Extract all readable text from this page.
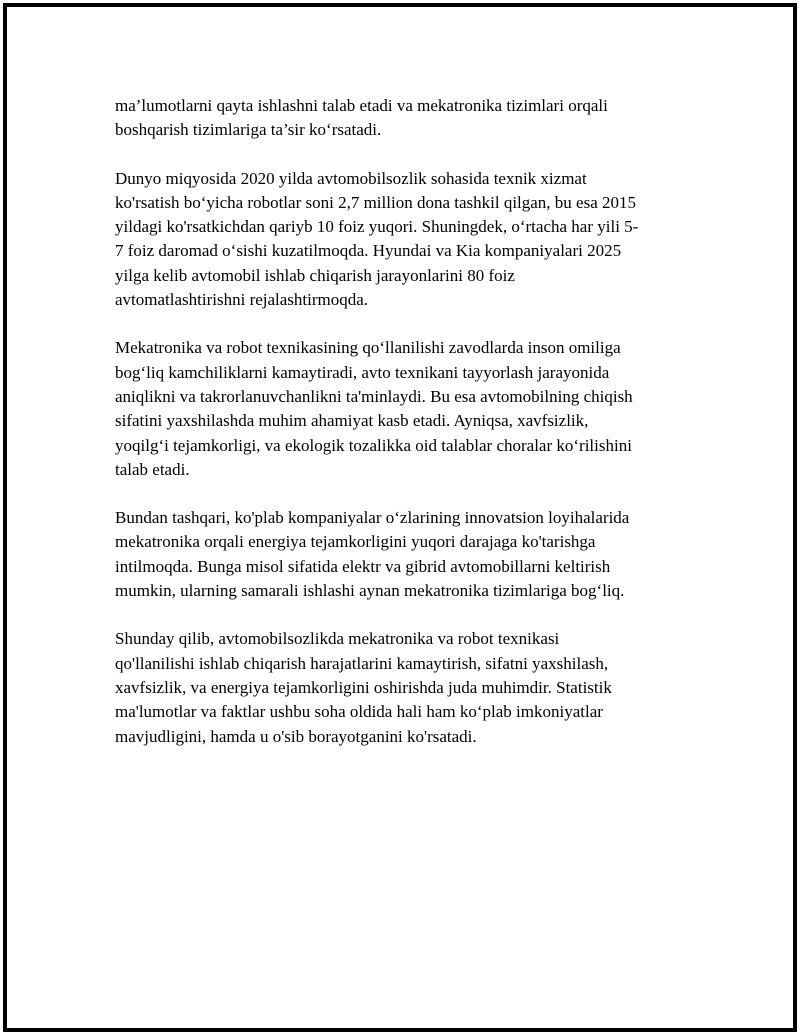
ma’lumotlarni qayta ishlashni talab etadi va mekatronika tizimlari orqali
boshqarish tizimlariga ta’sir ko‘rsatadi.

Dunyo miqyosida 2020 yilda avtomobilsozlik sohasida texnik xizmat
ko'rsatish bo‘yicha robotlar soni 2,7 million dona tashkil qilgan, bu esa 2015
yildagi ko'rsatkichdan qariyb 10 foiz yuqori. Shuningdek, o‘rtacha har yili 5-
7 foiz daromad o‘sishi kuzatilmoqda. Hyundai va Kia kompaniyalari 2025
yilga kelib avtomobil ishlab chiqarish jarayonlarini 80 foiz
avtomatlashtirishni rejalashtirmoqda.

Mekatronika va robot texnikasining qo‘llanilishi zavodlarda inson omiliga
bog‘liq kamchiliklarni kamaytiradi, avto texnikani tayyorlash jarayonida
aniqlikni va takrorlanuvchanlikni ta'minlaydi. Bu esa avtomobilning chiqish
sifatini yaxshilashda muhim ahamiyat kasb etadi. Ayniqsa, xavfsizlik,
yoqilg‘i tejamkorligi, va ekologik tozalikka oid talablar choralar ko‘rilishini
talab etadi.

Bundan tashqari, ko'plab kompaniyalar o‘zlarining innovatsion loyihalarida
mekatronika orqali energiya tejamkorligini yuqori darajaga ko'tarishga
intilmoqda. Bunga misol sifatida elektr va gibrid avtomobillarni keltirish
mumkin, ularning samarali ishlashi aynan mekatronika tizimlariga bog‘liq.

Shunday qilib, avtomobilsozlikda mekatronika va robot texnikasi
qo'llanilishi ishlab chiqarish harajatlarini kamaytirish, sifatni yaxshilash,
xavfsizlik, va energiya tejamkorligini oshirishda juda muhimdir. Statistik
ma'lumotlar va faktlar ushbu soha oldida hali ham ko‘plab imkoniyatlar
mavjudligini, hamda u o'sib borayotganini ko'rsatadi.
